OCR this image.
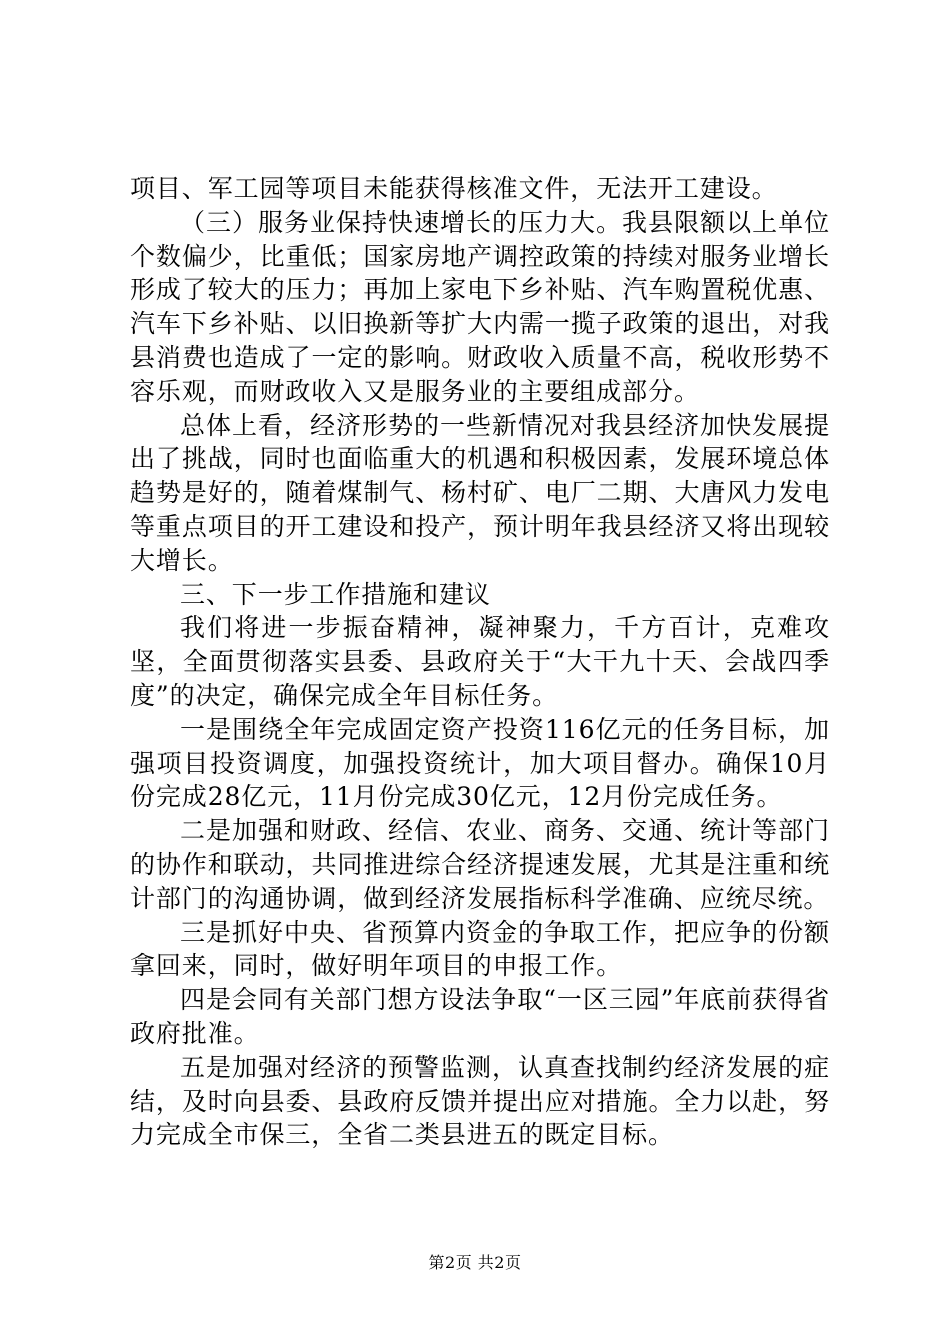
项目、军工园等项目未能获得核准文件，无法开工建设。

（三）服务业保持快速增长的压力大。我县限额以上单位个数偏少，比重低；国家房地产调控政策的持续对服务业增长形成了较大的压力；再加上家电下乡补贴、汽车购置税优惠、汽车下乡补贴、以旧换新等扩大内需一揽子政策的退出，对我县消费也造成了一定的影响。财政收入质量不高，税收形势不容乐观，而财政收入又是服务业的主要组成部分。

总体上看，经济形势的一些新情况对我县经济加快发展提出了挑战，同时也面临重大的机遇和积极因素，发展环境总体趋势是好的，随着煤制气、杨村矿、电厂二期、大唐风力发电等重点项目的开工建设和投产，预计明年我县经济又将出现较大增长。

三、下一步工作措施和建议

我们将进一步振奋精神，凝神聚力，千方百计，克难攻坚，全面贯彻落实县委、县政府关于“大干九十天、会战四季度”的决定，确保完成全年目标任务。

一是围绕全年完成固定资产投资116亿元的任务目标，加强项目投资调度，加强投资统计，加大项目督办。确保10月份完成28亿元，11月份完成30亿元，12月份完成任务。

二是加强和财政、经信、农业、商务、交通、统计等部门的协作和联动，共同推进综合经济提速发展，尤其是注重和统计部门的沟通协调，做到经济发展指标科学准确、应统尽统。

三是抓好中央、省预算内资金的争取工作，把应争的份额拿回来，同时，做好明年项目的申报工作。

四是会同有关部门想方设法争取“一区三园”年底前获得省政府批准。

五是加强对经济的预警监测，认真查找制约经济发展的症结，及时向县委、县政府反馈并提出应对措施。全力以赴，努力完成全市保三，全省二类县进五的既定目标。

第2页 共2页
